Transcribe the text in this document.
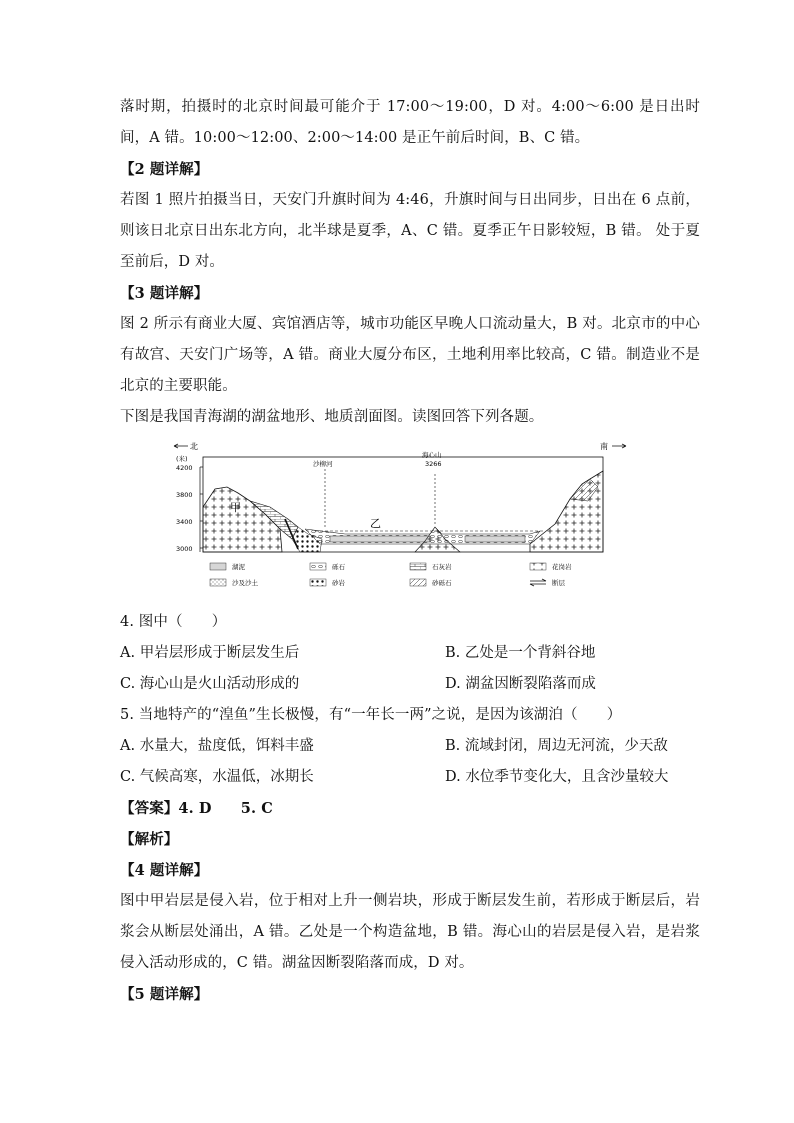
落时期，拍摄时的北京时间最可能介于 17:00～19:00，D 对。4:00～6:00 是日出时间，A 错。10:00～12:00、2:00～14:00 是正午前后时间，B、C 错。

【2 题详解】

若图 1 照片拍摄当日，天安门升旗时间为 4:46，升旗时间与日出同步，日出在 6 点前，则该日北京日出东北方向，北半球是夏季，A、C 错。夏季正午日影较短，B 错。 处于夏至前后，D 对。

【3 题详解】

图 2 所示有商业大厦、宾馆酒店等，城市功能区早晚人口流动量大，B 对。北京市的中心有故宫、天安门广场等，A 错。商业大厦分布区，土地利用率比较高，C 错。制造业不是北京的主要职能。

下图是我国青海湖的湖盆地形、地质剖面图。读图回答下列各题。

北	南
(米)
4200
3800
3400
3000
沙柳河
海心山
3266
甲
乙
湖泥	砾石	石灰岩	花岗岩
沙及沙土	砂岩	砂砾石	断层

4. 图中（　　）

A. 甲岩层形成于断层发生后	B. 乙处是一个背斜谷地
C. 海心山是火山活动形成的	D. 湖盆因断裂陷落而成

5. 当地特产的“湟鱼”生长极慢，有“一年长一两”之说，是因为该湖泊（　　）

A. 水量大，盐度低，饵料丰盛	B. 流域封闭，周边无河流，少天敌
C. 气候高寒，水温低，冰期长	D. 水位季节变化大，且含沙量较大

【答案】4. D　　5. C

【解析】

【4 题详解】

图中甲岩层是侵入岩，位于相对上升一侧岩块，形成于断层发生前，若形成于断层后，岩浆会从断层处涌出，A 错。乙处是一个构造盆地，B 错。海心山的岩层是侵入岩，是岩浆侵入活动形成的，C 错。湖盆因断裂陷落而成，D 对。

【5 题详解】
